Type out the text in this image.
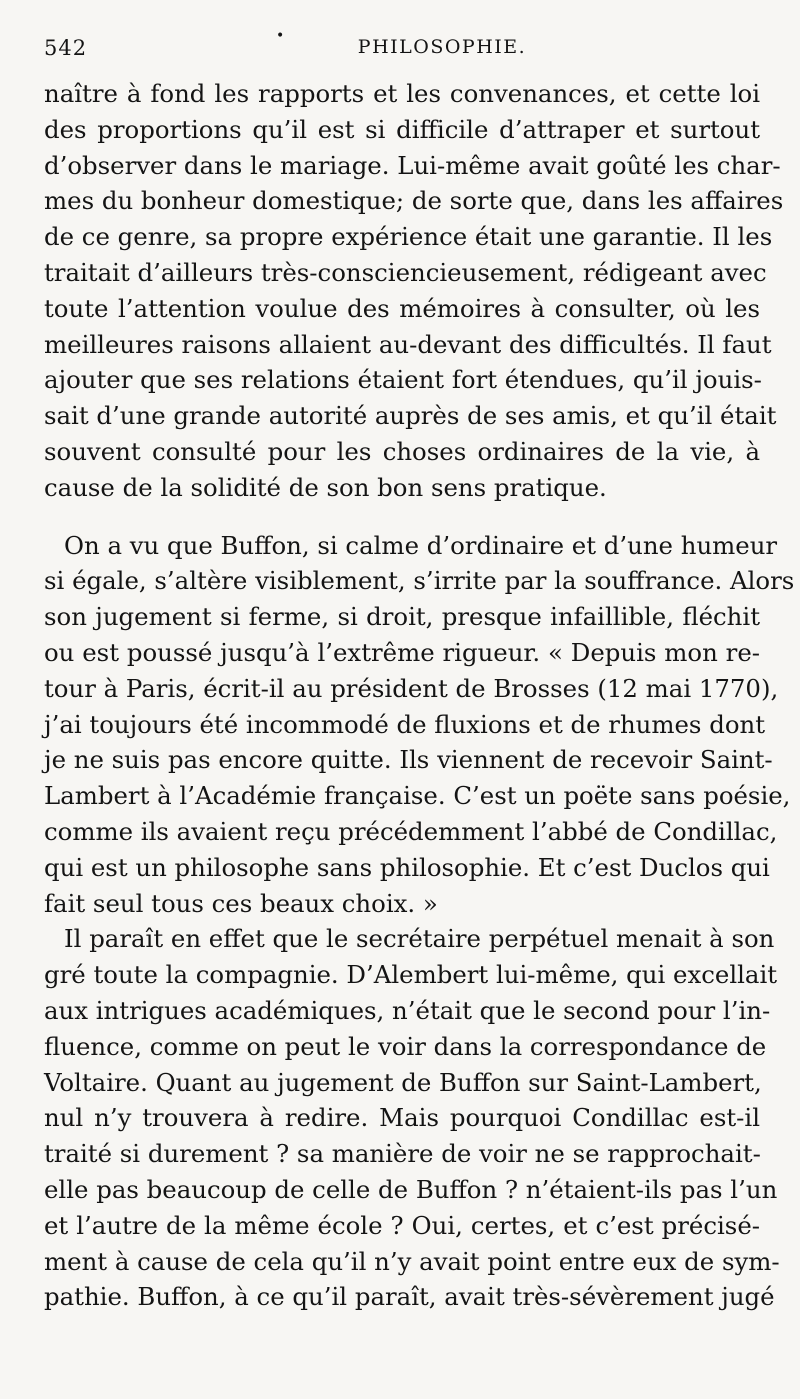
542	•	PHILOSOPHIE.

naître à fond les rapports et les convenances, et cette loi
des proportions qu’il est si difficile d’attraper et surtout
d’observer dans le mariage. Lui-même avait goûté les char-
mes du bonheur domestique; de sorte que, dans les affaires
de ce genre, sa propre expérience était une garantie. Il les
traitait d’ailleurs très-consciencieusement, rédigeant avec
toute l’attention voulue des mémoires à consulter, où les
meilleures raisons allaient au-devant des difficultés. Il faut
ajouter que ses relations étaient fort étendues, qu’il jouis-
sait d’une grande autorité auprès de ses amis, et qu’il était
souvent consulté pour les choses ordinaires de la vie, à
cause de la solidité de son bon sens pratique.

On a vu que Buffon, si calme d’ordinaire et d’une humeur
si égale, s’altère visiblement, s’irrite par la souffrance. Alors
son jugement si ferme, si droit, presque infaillible, fléchit
ou est poussé jusqu’à l’extrême rigueur. « Depuis mon re-
tour à Paris, écrit-il au président de Brosses (12 mai 1770),
j’ai toujours été incommodé de fluxions et de rhumes dont
je ne suis pas encore quitte. Ils viennent de recevoir Saint-
Lambert à l’Académie française. C’est un poëte sans poésie,
comme ils avaient reçu précédemment l’abbé de Condillac,
qui est un philosophe sans philosophie. Et c’est Duclos qui
fait seul tous ces beaux choix. »

Il paraît en effet que le secrétaire perpétuel menait à son
gré toute la compagnie. D’Alembert lui-même, qui excellait
aux intrigues académiques, n’était que le second pour l’in-
fluence, comme on peut le voir dans la correspondance de
Voltaire. Quant au jugement de Buffon sur Saint-Lambert,
nul n’y trouvera à redire. Mais pourquoi Condillac est-il
traité si durement ? sa manière de voir ne se rapprochait-
elle pas beaucoup de celle de Buffon ? n’étaient-ils pas l’un
et l’autre de la même école ? Oui, certes, et c’est précisé-
ment à cause de cela qu’il n’y avait point entre eux de sym-
pathie. Buffon, à ce qu’il paraît, avait très-sévèrement jugé
